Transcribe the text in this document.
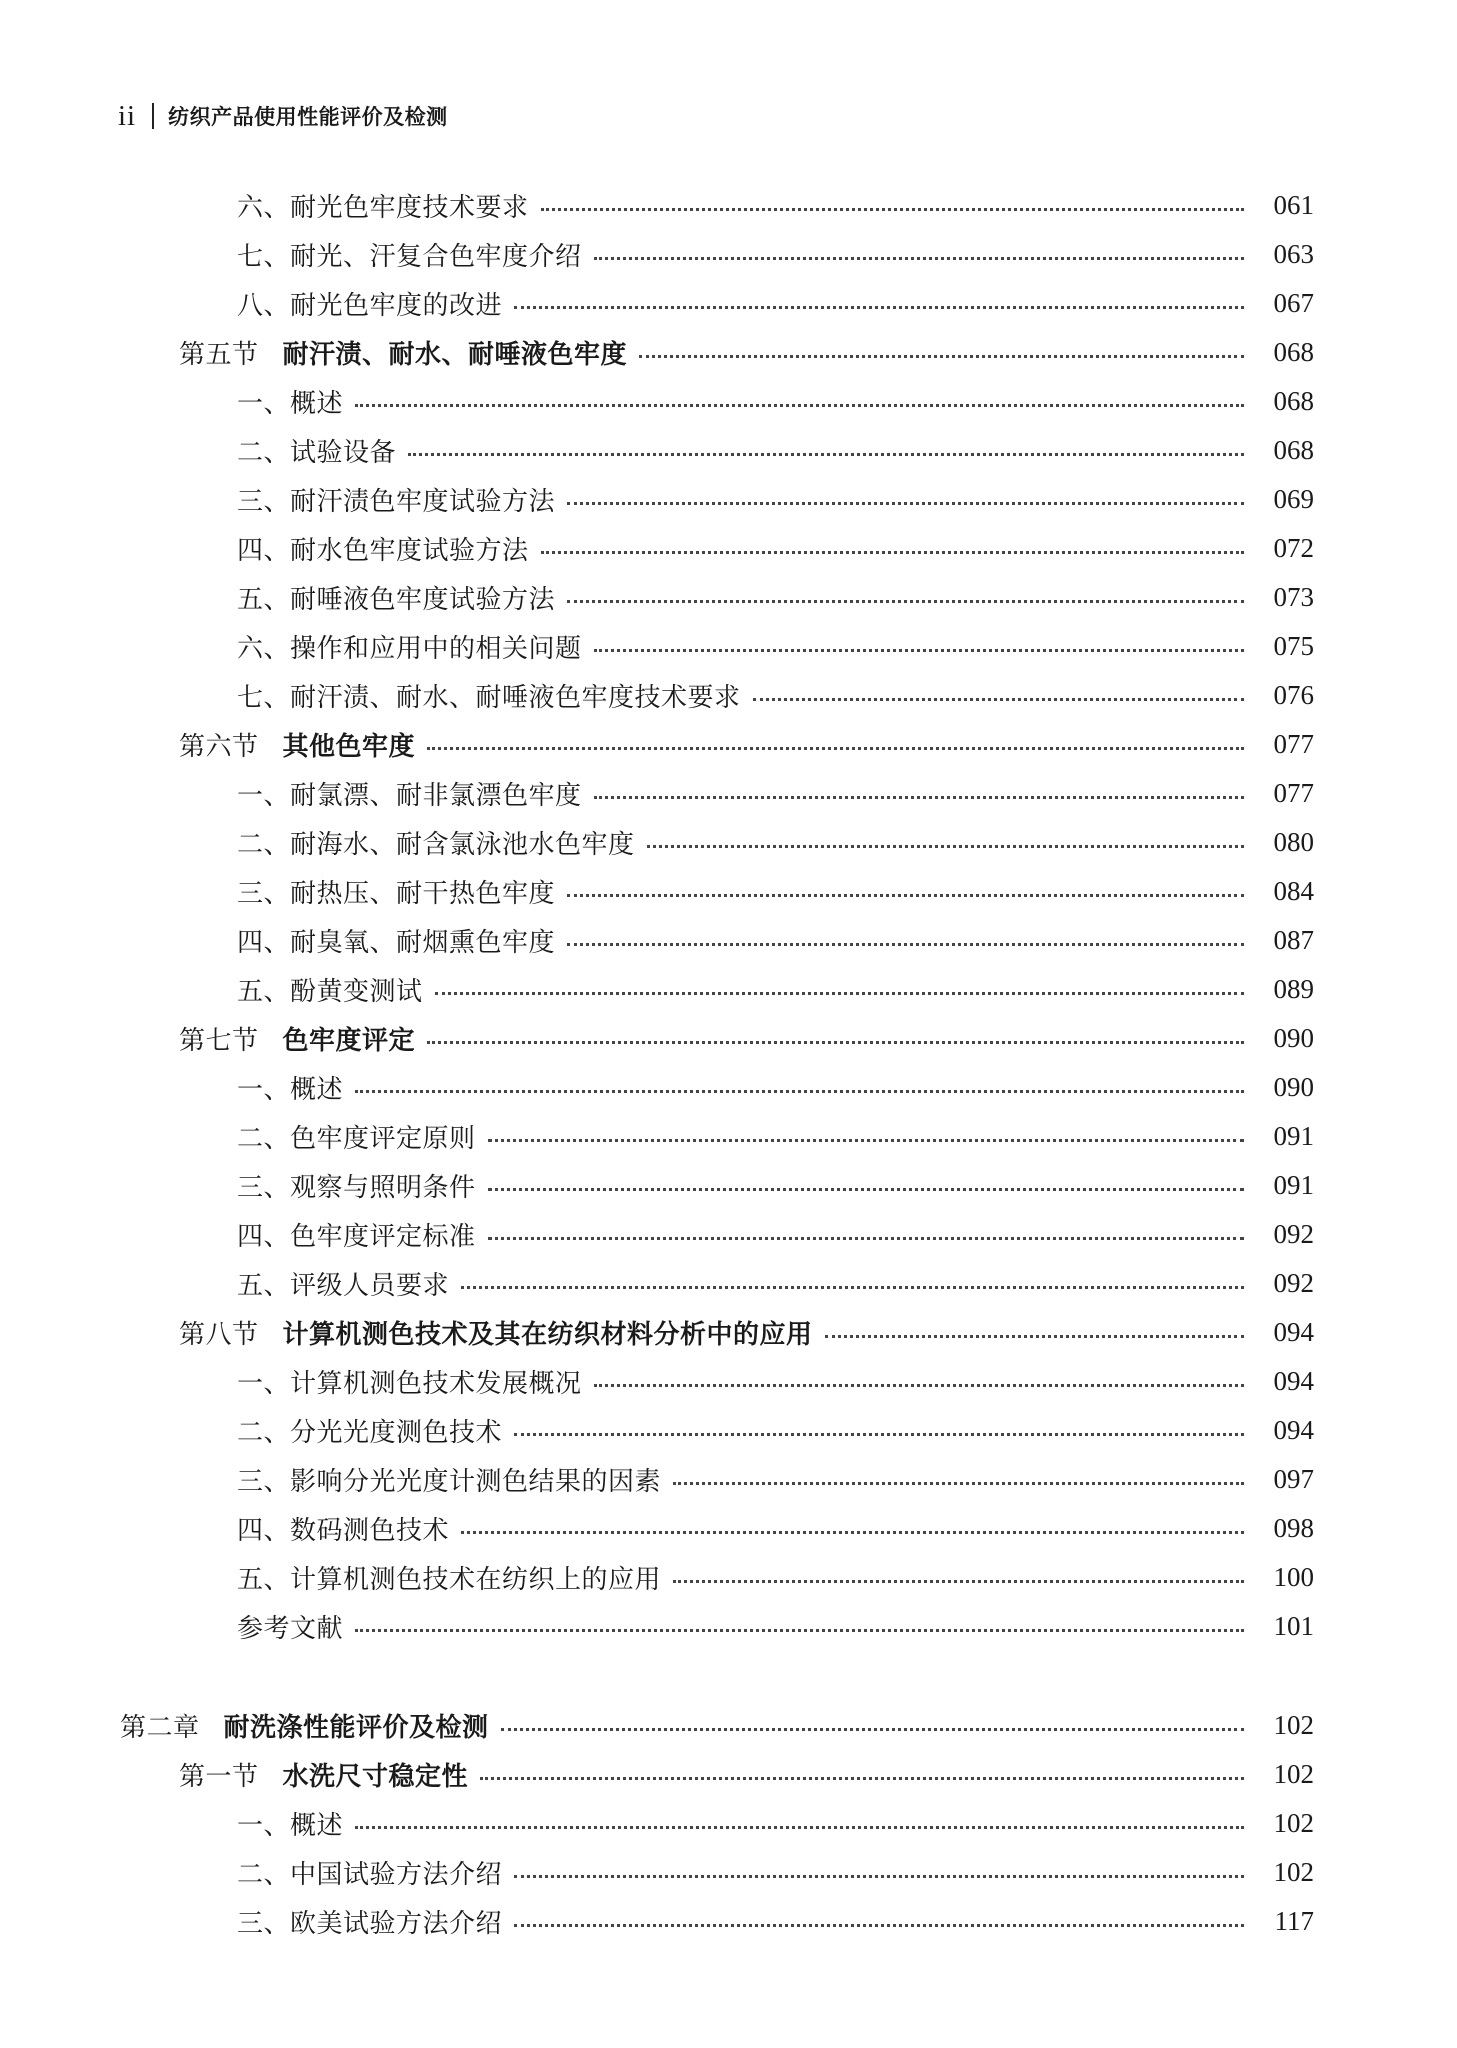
ii 纺织产品使用性能评价及检测
六、耐光色牢度技术要求	061
七、耐光、汗复合色牢度介绍	063
八、耐光色牢度的改进	067
第五节 耐汗渍、耐水、耐唾液色牢度	068
一、概述	068
二、试验设备	068
三、耐汗渍色牢度试验方法	069
四、耐水色牢度试验方法	072
五、耐唾液色牢度试验方法	073
六、操作和应用中的相关问题	075
七、耐汗渍、耐水、耐唾液色牢度技术要求	076
第六节 其他色牢度	077
一、耐氯漂、耐非氯漂色牢度	077
二、耐海水、耐含氯泳池水色牢度	080
三、耐热压、耐干热色牢度	084
四、耐臭氧、耐烟熏色牢度	087
五、酚黄变测试	089
第七节 色牢度评定	090
一、概述	090
二、色牢度评定原则	091
三、观察与照明条件	091
四、色牢度评定标准	092
五、评级人员要求	092
第八节 计算机测色技术及其在纺织材料分析中的应用	094
一、计算机测色技术发展概况	094
二、分光光度测色技术	094
三、影响分光光度计测色结果的因素	097
四、数码测色技术	098
五、计算机测色技术在纺织上的应用	100
参考文献	101
第二章 耐洗涤性能评价及检测	102
第一节 水洗尺寸稳定性	102
一、概述	102
二、中国试验方法介绍	102
三、欧美试验方法介绍	117
